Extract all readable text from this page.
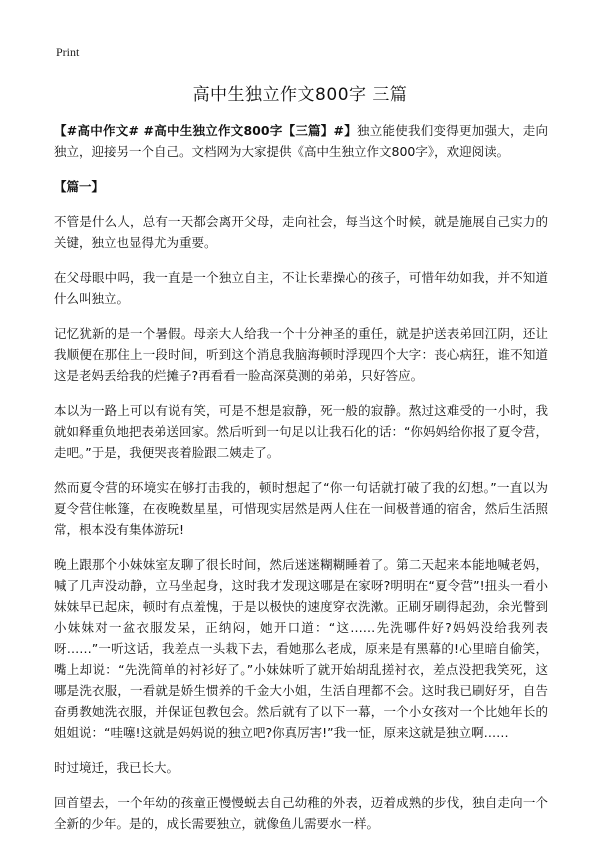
Print
高中生独立作文800字 三篇

【#高中作文# #高中生独立作文800字【三篇】#】独立能使我们变得更加强大，走向独立，迎接另一个自己。文档网为大家提供《高中生独立作文800字》，欢迎阅读。

【篇一】

不管是什么人，总有一天都会离开父母，走向社会，每当这个时候，就是施展自己实力的关键，独立也显得尤为重要。

在父母眼中吗，我一直是一个独立自主，不让长辈操心的孩子，可惜年幼如我，并不知道什么叫独立。

记忆犹新的是一个暑假。母亲大人给我一个十分神圣的重任，就是护送表弟回江阴，还让我顺便在那住上一段时间，听到这个消息我脑海顿时浮现四个大字：丧心病狂，谁不知道这是老妈丢给我的烂摊子?再看看一脸高深莫测的弟弟，只好答应。

本以为一路上可以有说有笑，可是不想是寂静，死一般的寂静。熬过这难受的一小时，我就如释重负地把表弟送回家。然后听到一句足以让我石化的话：“你妈妈给你报了夏令营，走吧。”于是，我便哭丧着脸跟二姨走了。

然而夏令营的环境实在够打击我的，顿时想起了“你一句话就打破了我的幻想。”一直以为夏令营住帐篷，在夜晚数星星，可惜现实居然是两人住在一间极普通的宿舍，然后生活照常，根本没有集体游玩!

晚上跟那个小妹妹室友聊了很长时间，然后迷迷糊糊睡着了。第二天起来本能地喊老妈，喊了几声没动静，立马坐起身，这时我才发现这哪是在家呀?明明在“夏令营”!扭头一看小妹妹早已起床，顿时有点羞愧，于是以极快的速度穿衣洗漱。正刷牙刷得起劲，余光瞥到小妹妹对一盆衣服发呆，正纳闷，她开口道：“这……先洗哪件好?妈妈没给我列表呀……”一听这话，我差点一头栽下去，看她那么老成，原来是有黑幕的!心里暗自偷笑，嘴上却说：“先洗简单的衬衫好了。”小妹妹听了就开始胡乱搓衬衣，差点没把我笑死，这哪是洗衣服，一看就是娇生惯养的千金大小姐，生活自理都不会。这时我已刷好牙，自告奋勇教她洗衣服，并保证包教包会。然后就有了以下一幕，一个小女孩对一个比她年长的姐姐说：“哇噻!这就是妈妈说的独立吧?你真厉害!”我一怔，原来这就是独立啊……

时过境迁，我已长大。

回首望去，一个年幼的孩童正慢慢蜕去自己幼稚的外表，迈着成熟的步伐，独自走向一个全新的少年。是的，成长需要独立，就像鱼儿需要水一样。
